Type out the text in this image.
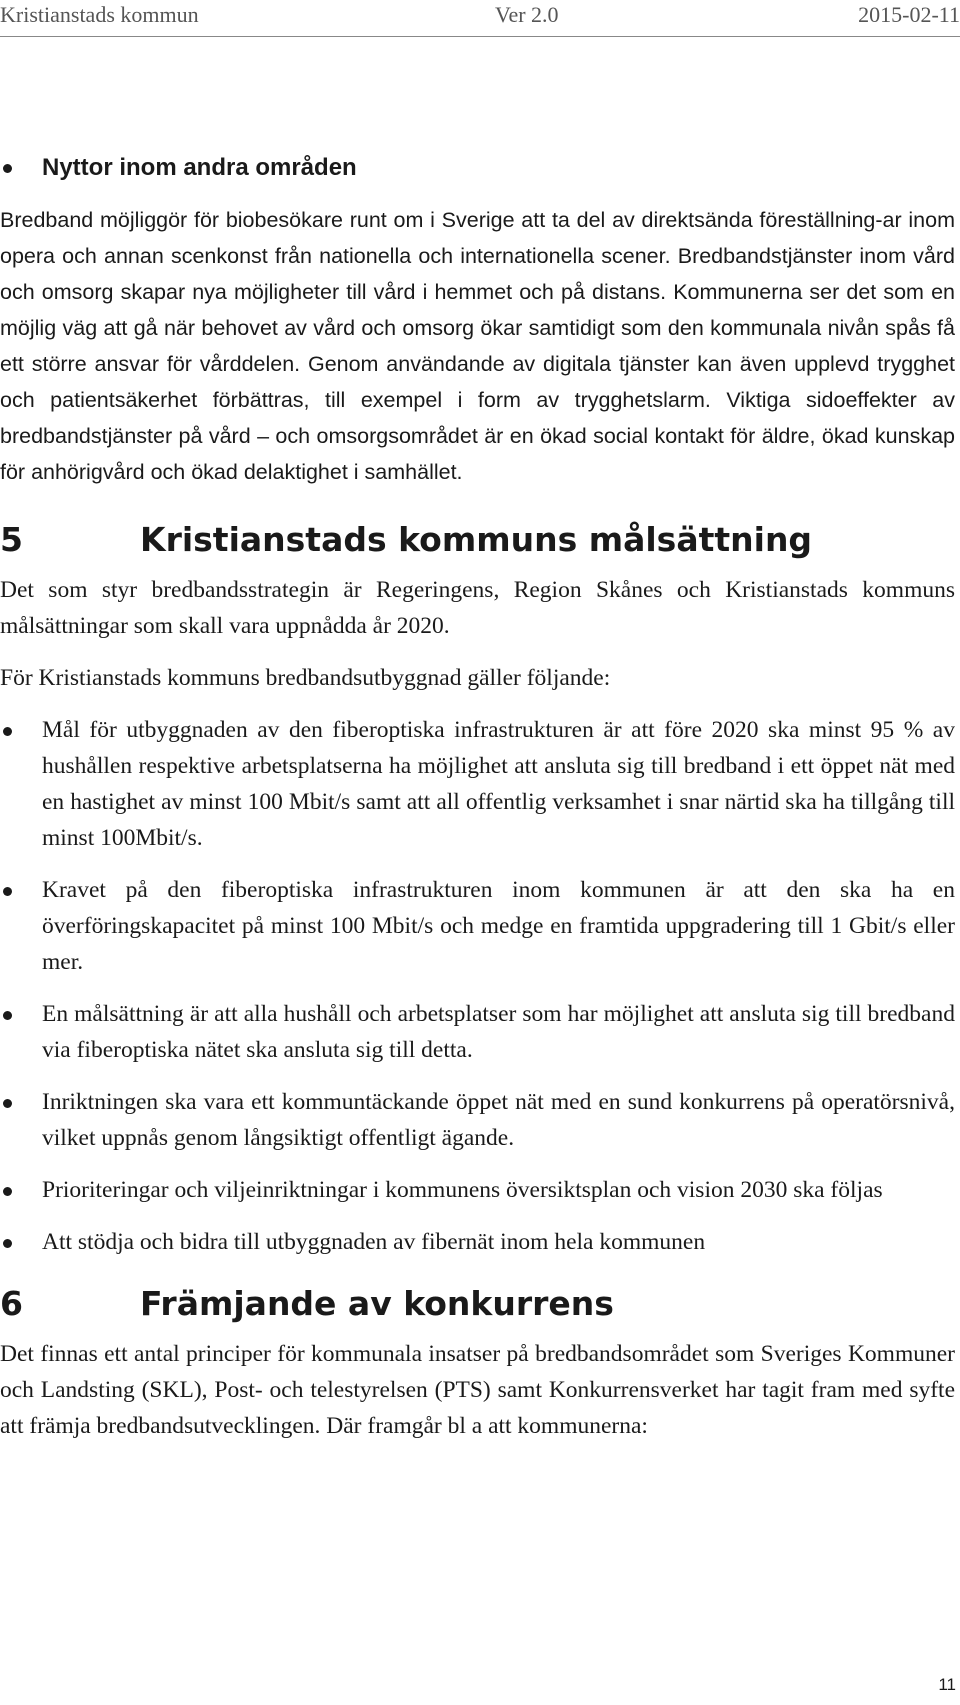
Kristianstads kommun	Ver 2.0	2015-02-11

Nyttor inom andra områden

Bredband möjliggör för biobesökare runt om i Sverige att ta del av direktsända föreställning-ar inom opera och annan scenkonst från nationella och internationella scener. Bredbandstjänster inom vård och omsorg skapar nya möjligheter till vård i hemmet och på distans. Kommunerna ser det som en möjlig väg att gå när behovet av vård och omsorg ökar samtidigt som den kommunala nivån spås få ett större ansvar för vårddelen. Genom användande av digitala tjänster kan även upplevd trygghet och patientsäkerhet förbättras, till exempel i form av trygghetslarm. Viktiga sidoeffekter av bredbandstjänster på vård – och omsorgsområdet är en ökad social kontakt för äldre, ökad kunskap för anhörigvård och ökad delaktighet i samhället.

5	Kristianstads kommuns målsättning

Det som styr bredbandsstrategin är Regeringens, Region Skånes och Kristianstads kommuns målsättningar som skall vara uppnådda år 2020.

För Kristianstads kommuns bredbandsutbyggnad gäller följande:

Mål för utbyggnaden av den fiberoptiska infrastrukturen är att före 2020 ska minst 95 % av hushållen respektive arbetsplatserna ha möjlighet att ansluta sig till bredband i ett öppet nät med en hastighet av minst 100 Mbit/s samt att all offentlig verksamhet i snar närtid ska ha tillgång till minst 100Mbit/s.

Kravet på den fiberoptiska infrastrukturen inom kommunen är att den ska ha en överföringskapacitet på minst 100 Mbit/s och medge en framtida uppgradering till 1 Gbit/s eller mer.

En målsättning är att alla hushåll och arbetsplatser som har möjlighet att ansluta sig till bredband via fiberoptiska nätet ska ansluta sig till detta.

Inriktningen ska vara ett kommuntäckande öppet nät med en sund konkurrens på operatörsnivå, vilket uppnås genom långsiktigt offentligt ägande.

Prioriteringar och viljeinriktningar i kommunens översiktsplan och vision 2030 ska följas

Att stödja och bidra till utbyggnaden av fibernät inom hela kommunen

6	Främjande av konkurrens

Det finnas ett antal principer för kommunala insatser på bredbandsområdet som Sveriges Kommuner och Landsting (SKL), Post- och telestyrelsen (PTS) samt Konkurrensverket har tagit fram med syfte att främja bredbandsutvecklingen. Där framgår bl a att kommunerna:

11
